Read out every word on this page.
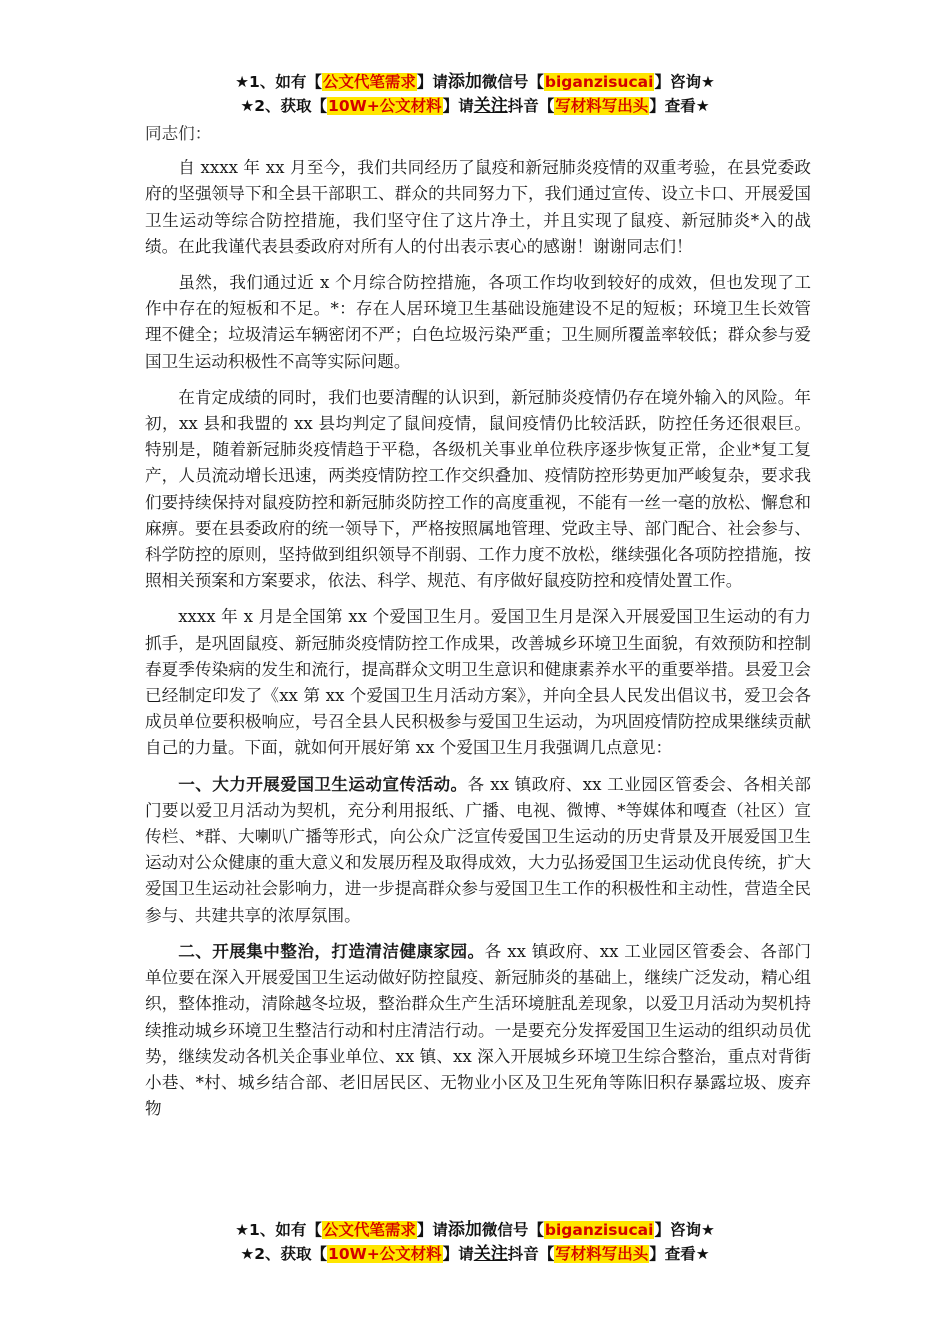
★1、如有【公文代笔需求】请添加微信号【biganzisucai】咨询★
★2、获取【10W+公文材料】请关注抖音【写材料写出头】查看★

同志们：

自 xxxx 年 xx 月至今，我们共同经历了鼠疫和新冠肺炎疫情的双重考验，在县党委政府的坚强领导下和全县干部职工、群众的共同努力下，我们通过宣传、设立卡口、开展爱国卫生运动等综合防控措施，我们坚守住了这片净土，并且实现了鼠疫、新冠肺炎*入的战绩。在此我谨代表县委政府对所有人的付出表示衷心的感谢！谢谢同志们！

虽然，我们通过近 x 个月综合防控措施，各项工作均收到较好的成效，但也发现了工作中存在的短板和不足。*：存在人居环境卫生基础设施建设不足的短板；环境卫生长效管理不健全；垃圾清运车辆密闭不严；白色垃圾污染严重；卫生厕所覆盖率较低；群众参与爱国卫生运动积极性不高等实际问题。

在肯定成绩的同时，我们也要清醒的认识到，新冠肺炎疫情仍存在境外输入的风险。年初，xx 县和我盟的 xx 县均判定了鼠间疫情，鼠间疫情仍比较活跃，防控任务还很艰巨。特别是，随着新冠肺炎疫情趋于平稳，各级机关事业单位秩序逐步恢复正常，企业*复工复产，人员流动增长迅速，两类疫情防控工作交织叠加、疫情防控形势更加严峻复杂，要求我们要持续保持对鼠疫防控和新冠肺炎防控工作的高度重视，不能有一丝一毫的放松、懈怠和麻痹。要在县委政府的统一领导下，严格按照属地管理、党政主导、部门配合、社会参与、科学防控的原则，坚持做到组织领导不削弱、工作力度不放松，继续强化各项防控措施，按照相关预案和方案要求，依法、科学、规范、有序做好鼠疫防控和疫情处置工作。

xxxx 年 x 月是全国第 xx 个爱国卫生月。爱国卫生月是深入开展爱国卫生运动的有力抓手，是巩固鼠疫、新冠肺炎疫情防控工作成果，改善城乡环境卫生面貌，有效预防和控制春夏季传染病的发生和流行，提高群众文明卫生意识和健康素养水平的重要举措。县爱卫会已经制定印发了《xx 第 xx 个爱国卫生月活动方案》，并向全县人民发出倡议书，爱卫会各成员单位要积极响应，号召全县人民积极参与爱国卫生运动，为巩固疫情防控成果继续贡献自己的力量。下面，就如何开展好第 xx 个爱国卫生月我强调几点意见：

一、大力开展爱国卫生运动宣传活动。各 xx 镇政府、xx 工业园区管委会、各相关部门要以爱卫月活动为契机，充分利用报纸、广播、电视、微博、*等媒体和嘎查（社区）宣传栏、*群、大喇叭广播等形式，向公众广泛宣传爱国卫生运动的历史背景及开展爱国卫生运动对公众健康的重大意义和发展历程及取得成效，大力弘扬爱国卫生运动优良传统，扩大爱国卫生运动社会影响力，进一步提高群众参与爱国卫生工作的积极性和主动性，营造全民参与、共建共享的浓厚氛围。

二、开展集中整治，打造清洁健康家园。各 xx 镇政府、xx 工业园区管委会、各部门单位要在深入开展爱国卫生运动做好防控鼠疫、新冠肺炎的基础上，继续广泛发动，精心组织，整体推动，清除越冬垃圾，整治群众生产生活环境脏乱差现象，以爱卫月活动为契机持续推动城乡环境卫生整洁行动和村庄清洁行动。一是要充分发挥爱国卫生运动的组织动员优势，继续发动各机关企事业单位、xx 镇、xx 深入开展城乡环境卫生综合整治，重点对背街小巷、*村、城乡结合部、老旧居民区、无物业小区及卫生死角等陈旧积存暴露垃圾、废弃物

★1、如有【公文代笔需求】请添加微信号【biganzisucai】咨询★
★2、获取【10W+公文材料】请关注抖音【写材料写出头】查看★
